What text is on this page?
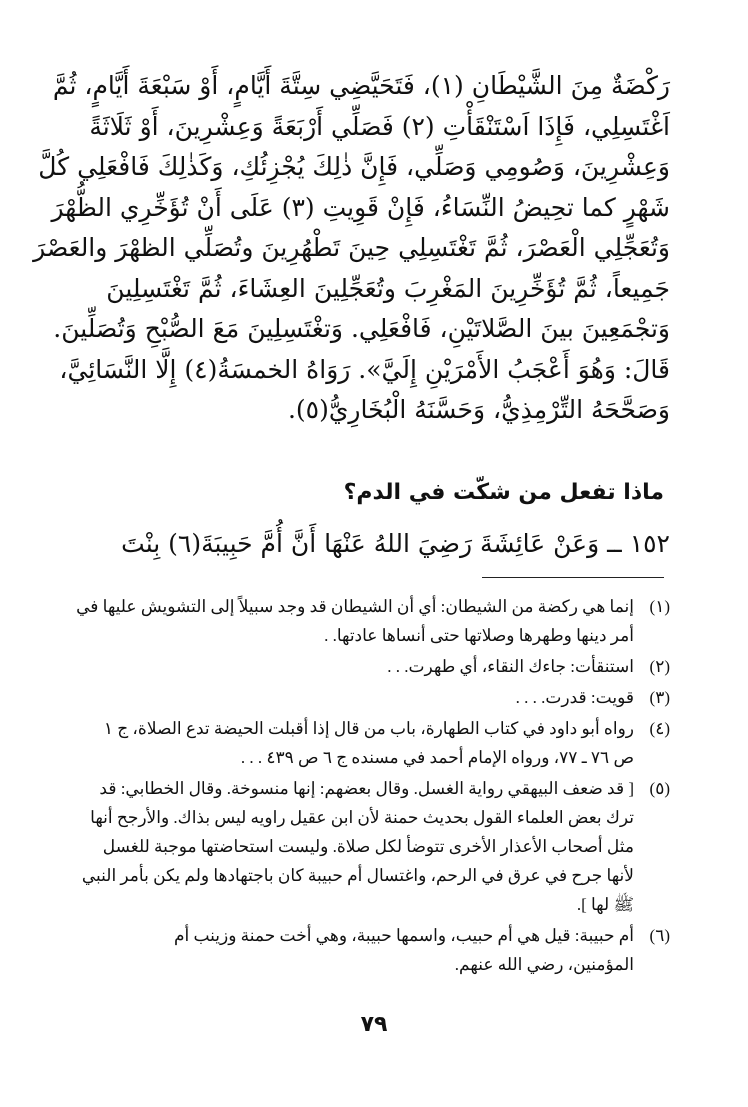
رَكْضَةٌ مِنَ الشَّيْطَانِ (١)، فَتَحَيَّضِي سِتَّةَ أَيَّامٍ، أَوْ سَبْعَةَ أَيَّامٍ، ثُمَّ
اَغْتَسِلِي، فَإِذَا اَسْتَنْقَأْتِ (٢) فَصَلِّي أَرْبَعَةً وَعِشْرِينَ، أَوْ ثَلَاثَةً
وَعِشْرِينَ، وَصُومِي وَصَلِّي، فَإِنَّ ذٰلِكَ يُجْزِئُكِ، وَكَذٰلِكَ فَافْعَلِي كُلَّ
شَهْرٍ كما تحِيضُ النِّسَاءُ، فَإِنْ قَوِيتِ (٣) عَلَى أَنْ تُؤَخِّرِي الظُّهْرَ
وَتُعَجِّلِي الْعَصْرَ، ثُمَّ تَغْتَسِلِي حِينَ تَطْهُرِينَ وتُصَلِّي الظهْرَ والعَصْرَ
جَمِيعاً، ثُمَّ تُؤَخِّرِينَ المَغْرِبَ وتُعَجِّلِينَ العِشَاءَ، ثُمَّ تَغْتَسِلِينَ
وَتجْمَعِينَ بينَ الصَّلاتَيْنِ، فَافْعَلِي. وَتغْتَسِلِينَ مَعَ الصُّبْحِ وَتُصَلِّينَ.
قَالَ: وَهُوَ أَعْجَبُ الأَمْرَيْنِ إِلَيَّ». رَوَاهُ الخمسَةُ(٤) إِلَّا النَّسَائِيَّ،
وَصَحَّحَهُ التِّرْمِذِيُّ، وَحَسَّنَهُ الْبُخَارِيُّ(٥).
ماذا تفعل من شكّت في الدم؟

١٥٢ ــ وَعَنْ عَائِشَةَ رَضِيَ اللهُ عَنْهَا أَنَّ أُمَّ حَبِيبَةَ(٦) بِنْتَ

(١)
إنما هي ركضة من الشيطان: أي أن الشيطان قد وجد سبيلاً إلى التشويش عليها في
أمر دينها وطهرها وصلاتها حتى أنساها عادتها. .
(٢)
استنقأت: جاءك النقاء، أي طهرت. . .
(٣)
قويت: قدرت. . . .
(٤)
رواه أبو داود في كتاب الطهارة، باب من قال إذا أقبلت الحيضة تدع الصلاة، ج ١
ص ٧٦ ـ ٧٧، ورواه الإمام أحمد في مسنده ج ٦ ص ٤٣٩ . . .
(٥)
[ قد ضعف البيهقي رواية الغسل. وقال بعضهم: إنها منسوخة. وقال الخطابي: قد
ترك بعض العلماء القول بحديث حمنة لأن ابن عقيل راويه ليس بذاك. والأرجح أنها
مثل أصحاب الأعذار الأخرى تتوضأ لكل صلاة. وليست استحاضتها موجبة للغسل
لأنها جرح في عرق في الرحم، واغتسال أم حبيبة كان باجتهادها ولم يكن بأمر النبي
ﷺ لها ].
(٦)
أم حبيبة: قيل هي أم حبيب، واسمها حبيبة، وهي أخت حمنة وزينب أم
المؤمنين، رضي الله عنهم.
٧٩
